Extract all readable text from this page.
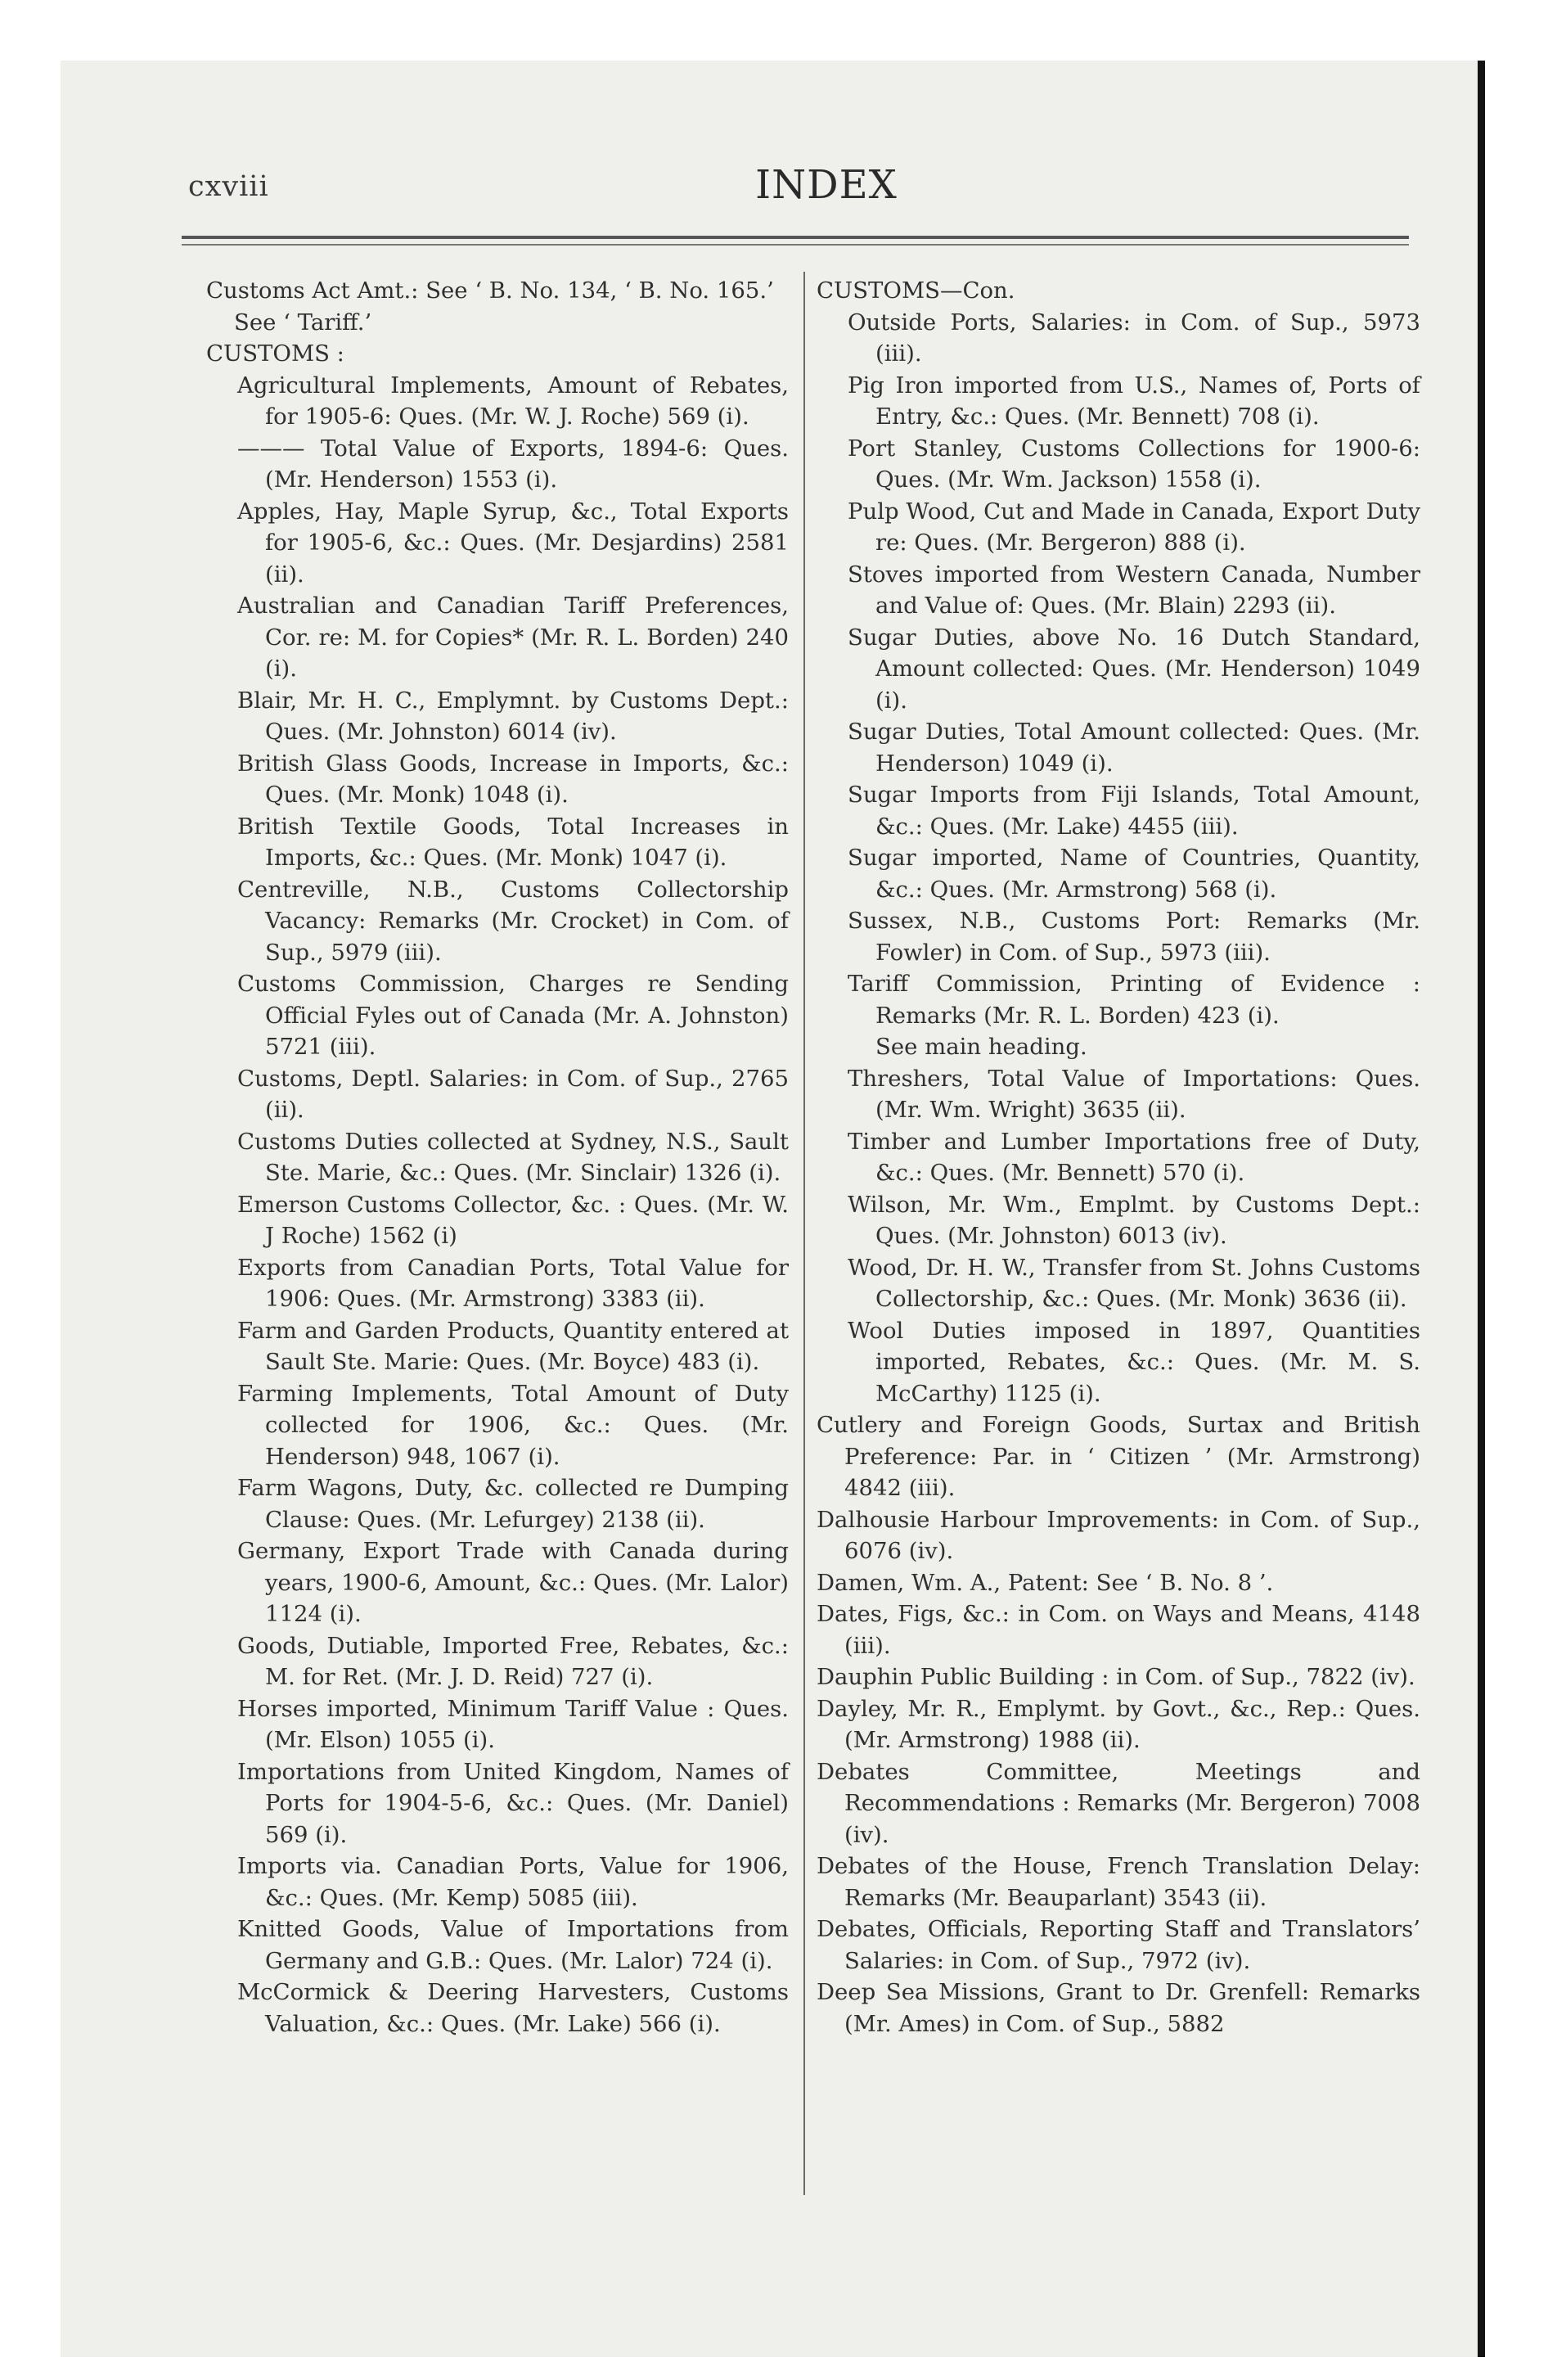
cxviii	INDEX
Customs Act Amt.: See ‘ B. No. 134, ‘ B. No. 165.’
See ‘ Tariff.’
CUSTOMS :
Agricultural Implements, Amount of Rebates, for 1905-6: Ques. (Mr. W. J. Roche) 569 (i).
——— Total Value of Exports, 1894-6: Ques. (Mr. Henderson) 1553 (i).
Apples, Hay, Maple Syrup, &c., Total Exports for 1905-6, &c.: Ques. (Mr. Desjardins) 2581 (ii).
Australian and Canadian Tariff Preferences, Cor. re: M. for Copies* (Mr. R. L. Borden) 240 (i).
Blair, Mr. H. C., Emplymnt. by Customs Dept.: Ques. (Mr. Johnston) 6014 (iv).
British Glass Goods, Increase in Imports, &c.: Ques. (Mr. Monk) 1048 (i).
British Textile Goods, Total Increases in Imports, &c.: Ques. (Mr. Monk) 1047 (i).
Centreville, N.B., Customs Collectorship Vacancy: Remarks (Mr. Crocket) in Com. of Sup., 5979 (iii).
Customs Commission, Charges re Sending Official Fyles out of Canada (Mr. A. Johnston) 5721 (iii).
Customs, Deptl. Salaries: in Com. of Sup., 2765 (ii).
Customs Duties collected at Sydney, N.S., Sault Ste. Marie, &c.: Ques. (Mr. Sinclair) 1326 (i).
Emerson Customs Collector, &c. : Ques. (Mr. W. J Roche) 1562 (i)
Exports from Canadian Ports, Total Value for 1906: Ques. (Mr. Armstrong) 3383 (ii).
Farm and Garden Products, Quantity entered at Sault Ste. Marie: Ques. (Mr. Boyce) 483 (i).
Farming Implements, Total Amount of Duty collected for 1906, &c.: Ques. (Mr. Henderson) 948, 1067 (i).
Farm Wagons, Duty, &c. collected re Dumping Clause: Ques. (Mr. Lefurgey) 2138 (ii).
Germany, Export Trade with Canada during years, 1900-6, Amount, &c.: Ques. (Mr. Lalor) 1124 (i).
Goods, Dutiable, Imported Free, Rebates, &c.: M. for Ret. (Mr. J. D. Reid) 727 (i).
Horses imported, Minimum Tariff Value : Ques. (Mr. Elson) 1055 (i).
Importations from United Kingdom, Names of Ports for 1904-5-6, &c.: Ques. (Mr. Daniel) 569 (i).
Imports via. Canadian Ports, Value for 1906, &c.: Ques. (Mr. Kemp) 5085 (iii).
Knitted Goods, Value of Importations from Germany and G.B.: Ques. (Mr. Lalor) 724 (i).
McCormick & Deering Harvesters, Customs Valuation, &c.: Ques. (Mr. Lake) 566 (i).
CUSTOMS—Con.
Outside Ports, Salaries: in Com. of Sup., 5973 (iii).
Pig Iron imported from U.S., Names of, Ports of Entry, &c.: Ques. (Mr. Bennett) 708 (i).
Port Stanley, Customs Collections for 1900-6: Ques. (Mr. Wm. Jackson) 1558 (i).
Pulp Wood, Cut and Made in Canada, Export Duty re: Ques. (Mr. Bergeron) 888 (i).
Stoves imported from Western Canada, Number and Value of: Ques. (Mr. Blain) 2293 (ii).
Sugar Duties, above No. 16 Dutch Standard, Amount collected: Ques. (Mr. Henderson) 1049 (i).
Sugar Duties, Total Amount collected: Ques. (Mr. Henderson) 1049 (i).
Sugar Imports from Fiji Islands, Total Amount, &c.: Ques. (Mr. Lake) 4455 (iii).
Sugar imported, Name of Countries, Quantity, &c.: Ques. (Mr. Armstrong) 568 (i).
Sussex, N.B., Customs Port: Remarks (Mr. Fowler) in Com. of Sup., 5973 (iii).
Tariff Commission, Printing of Evidence : Remarks (Mr. R. L. Borden) 423 (i).
See main heading.
Threshers, Total Value of Importations: Ques. (Mr. Wm. Wright) 3635 (ii).
Timber and Lumber Importations free of Duty, &c.: Ques. (Mr. Bennett) 570 (i).
Wilson, Mr. Wm., Emplmt. by Customs Dept.: Ques. (Mr. Johnston) 6013 (iv).
Wood, Dr. H. W., Transfer from St. Johns Customs Collectorship, &c.: Ques. (Mr. Monk) 3636 (ii).
Wool Duties imposed in 1897, Quantities imported, Rebates, &c.: Ques. (Mr. M. S. McCarthy) 1125 (i).
Cutlery and Foreign Goods, Surtax and British Preference: Par. in ‘ Citizen ’ (Mr. Armstrong) 4842 (iii).
Dalhousie Harbour Improvements: in Com. of Sup., 6076 (iv).
Damen, Wm. A., Patent: See ‘ B. No. 8 ’.
Dates, Figs, &c.: in Com. on Ways and Means, 4148 (iii).
Dauphin Public Building : in Com. of Sup., 7822 (iv).
Dayley, Mr. R., Emplymt. by Govt., &c., Rep.: Ques. (Mr. Armstrong) 1988 (ii).
Debates Committee, Meetings and Recommendations : Remarks (Mr. Bergeron) 7008 (iv).
Debates of the House, French Translation Delay: Remarks (Mr. Beauparlant) 3543 (ii).
Debates, Officials, Reporting Staff and Translators’ Salaries: in Com. of Sup., 7972 (iv).
Deep Sea Missions, Grant to Dr. Grenfell: Remarks (Mr. Ames) in Com. of Sup., 5882
